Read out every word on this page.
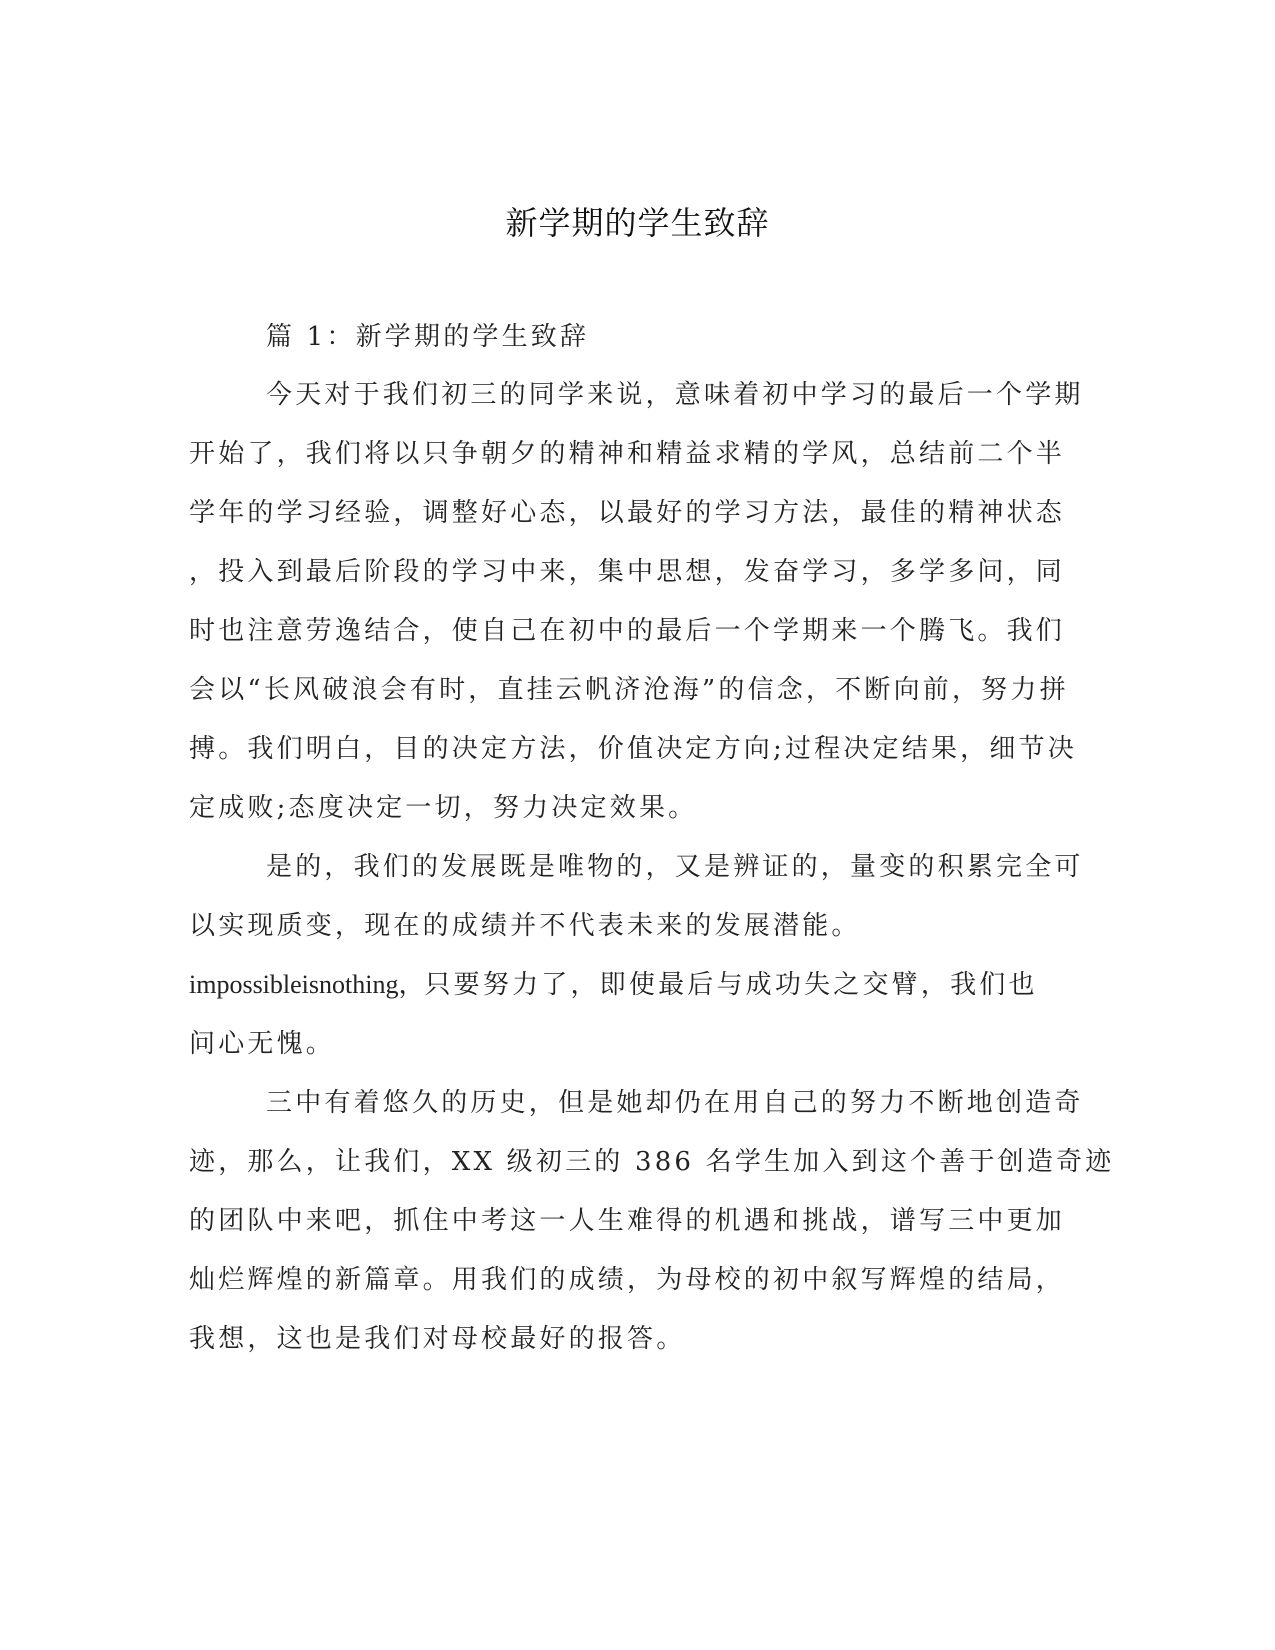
新学期的学生致辞
篇 1：新学期的学生致辞
今天对于我们初三的同学来说，意味着初中学习的最后一个学期
开始了，我们将以只争朝夕的精神和精益求精的学风，总结前二个半
学年的学习经验，调整好心态，以最好的学习方法，最佳的精神状态
，投入到最后阶段的学习中来，集中思想，发奋学习，多学多问，同
时也注意劳逸结合，使自己在初中的最后一个学期来一个腾飞。我们
会以“长风破浪会有时，直挂云帆济沧海”的信念，不断向前，努力拼
搏。我们明白，目的决定方法，价值决定方向;过程决定结果，细节决
定成败;态度决定一切，努力决定效果。
是的，我们的发展既是唯物的，又是辨证的，量变的积累完全可
以实现质变，现在的成绩并不代表未来的发展潜能。
impossibleisnothing，只要努力了，即使最后与成功失之交臂，我们也
问心无愧。
三中有着悠久的历史，但是她却仍在用自己的努力不断地创造奇
迹，那么，让我们，XX 级初三的 386 名学生加入到这个善于创造奇迹
的团队中来吧，抓住中考这一人生难得的机遇和挑战，谱写三中更加
灿烂辉煌的新篇章。用我们的成绩，为母校的初中叙写辉煌的结局，
我想，这也是我们对母校最好的报答。
